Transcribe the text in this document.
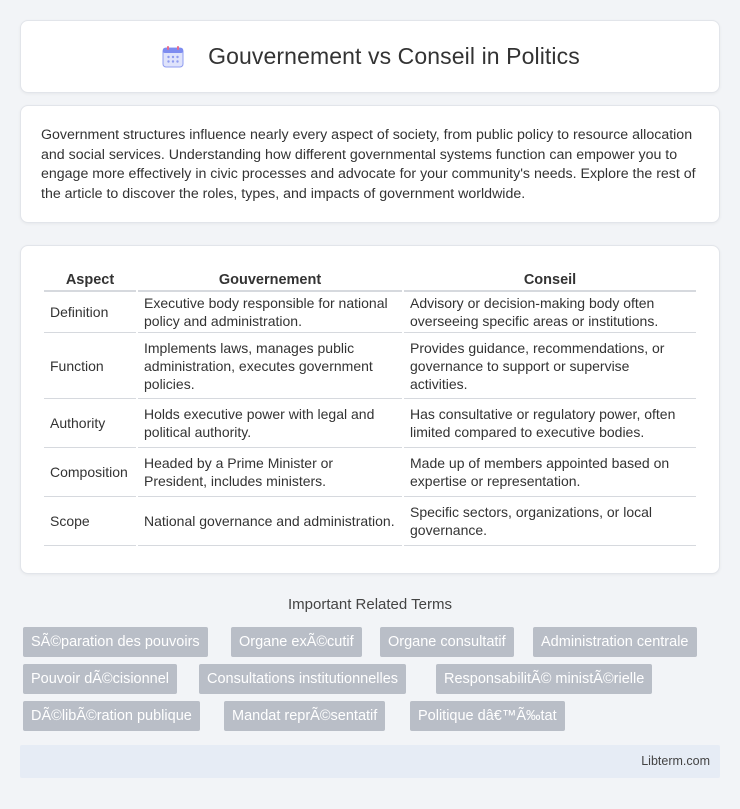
Gouvernement vs Conseil in Politics

Government structures influence nearly every aspect of society, from public policy to resource allocation and social services. Understanding how different governmental systems function can empower you to engage more effectively in civic processes and advocate for your community's needs. Explore the rest of the article to discover the roles, types, and impacts of government worldwide.

Aspect	Gouvernement	Conseil
Definition	Executive body responsible for national policy and administration.	Advisory or decision-making body often overseeing specific areas or institutions.
Function	Implements laws, manages public administration, executes government policies.	Provides guidance, recommendations, or governance to support or supervise activities.
Authority	Holds executive power with legal and political authority.	Has consultative or regulatory power, often limited compared to executive bodies.
Composition	Headed by a Prime Minister or President, includes ministers.	Made up of members appointed based on expertise or representation.
Scope	National governance and administration.	Specific sectors, organizations, or local governance.
Important Related Terms
SÃ©paration des pouvoirs	Organe exÃ©cutif	Organe consultatif	Administration centrale
Pouvoir dÃ©cisionnel	Consultations institutionnelles	ResponsabilitÃ© ministÃ©rielle
DÃ©libÃ©ration publique	Mandat reprÃ©sentatif	Politique dâ€™Ã‰tat
Libterm.com
